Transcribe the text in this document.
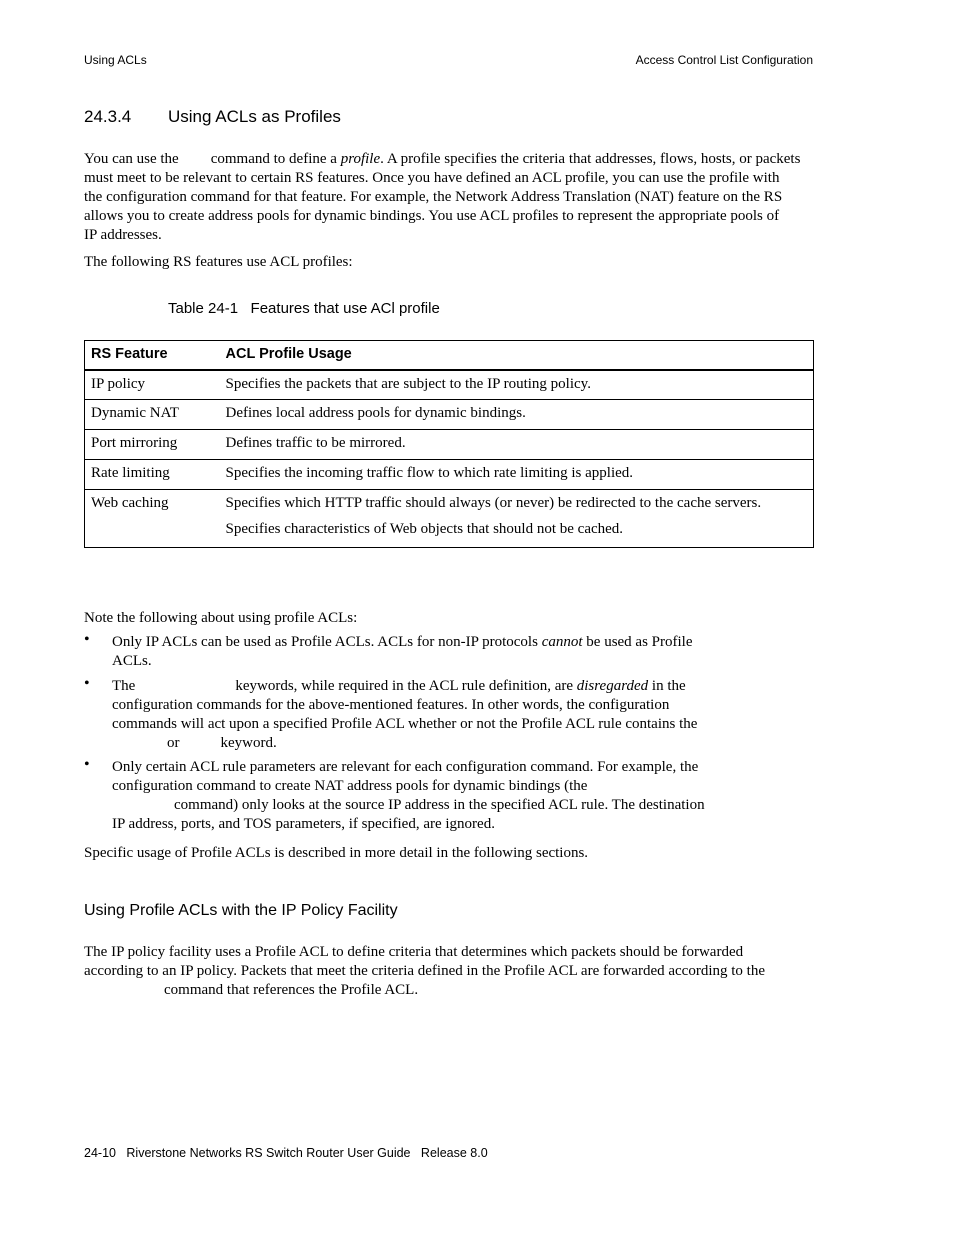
Using ACLs	Access Control List Configuration
24.3.4 Using ACLs as Profiles
You can use the command to define a profile. A profile specifies the criteria that addresses, flows, hosts, or packets
must meet to be relevant to certain RS features. Once you have defined an ACL profile, you can use the profile with
the configuration command for that feature. For example, the Network Address Translation (NAT) feature on the RS
allows you to create address pools for dynamic bindings. You use ACL profiles to represent the appropriate pools of
IP addresses.
The following RS features use ACL profiles:
Table 24-1   Features that use ACl profile
RS Feature	ACL Profile Usage
IP policy	Specifies the packets that are subject to the IP routing policy.
Dynamic NAT	Defines local address pools for dynamic bindings.
Port mirroring	Defines traffic to be mirrored.
Rate limiting	Specifies the incoming traffic flow to which rate limiting is applied.
Web caching	Specifies which HTTP traffic should always (or never) be redirected to the cache servers.
Specifies characteristics of Web objects that should not be cached.
Note the following about using profile ACLs:
• Only IP ACLs can be used as Profile ACLs. ACLs for non-IP protocols cannot be used as Profile
ACLs.
• The	keywords, while required in the ACL rule definition, are disregarded in the
configuration commands for the above-mentioned features. In other words, the configuration
commands will act upon a specified Profile ACL whether or not the Profile ACL rule contains the
or	keyword.
• Only certain ACL rule parameters are relevant for each configuration command. For example, the
configuration command to create NAT address pools for dynamic bindings (the
command) only looks at the source IP address in the specified ACL rule. The destination
IP address, ports, and TOS parameters, if specified, are ignored.
Specific usage of Profile ACLs is described in more detail in the following sections.
Using Profile ACLs with the IP Policy Facility
The IP policy facility uses a Profile ACL to define criteria that determines which packets should be forwarded
according to an IP policy. Packets that meet the criteria defined in the Profile ACL are forwarded according to the
command that references the Profile ACL.
24-10   Riverstone Networks RS Switch Router User Guide   Release 8.0
